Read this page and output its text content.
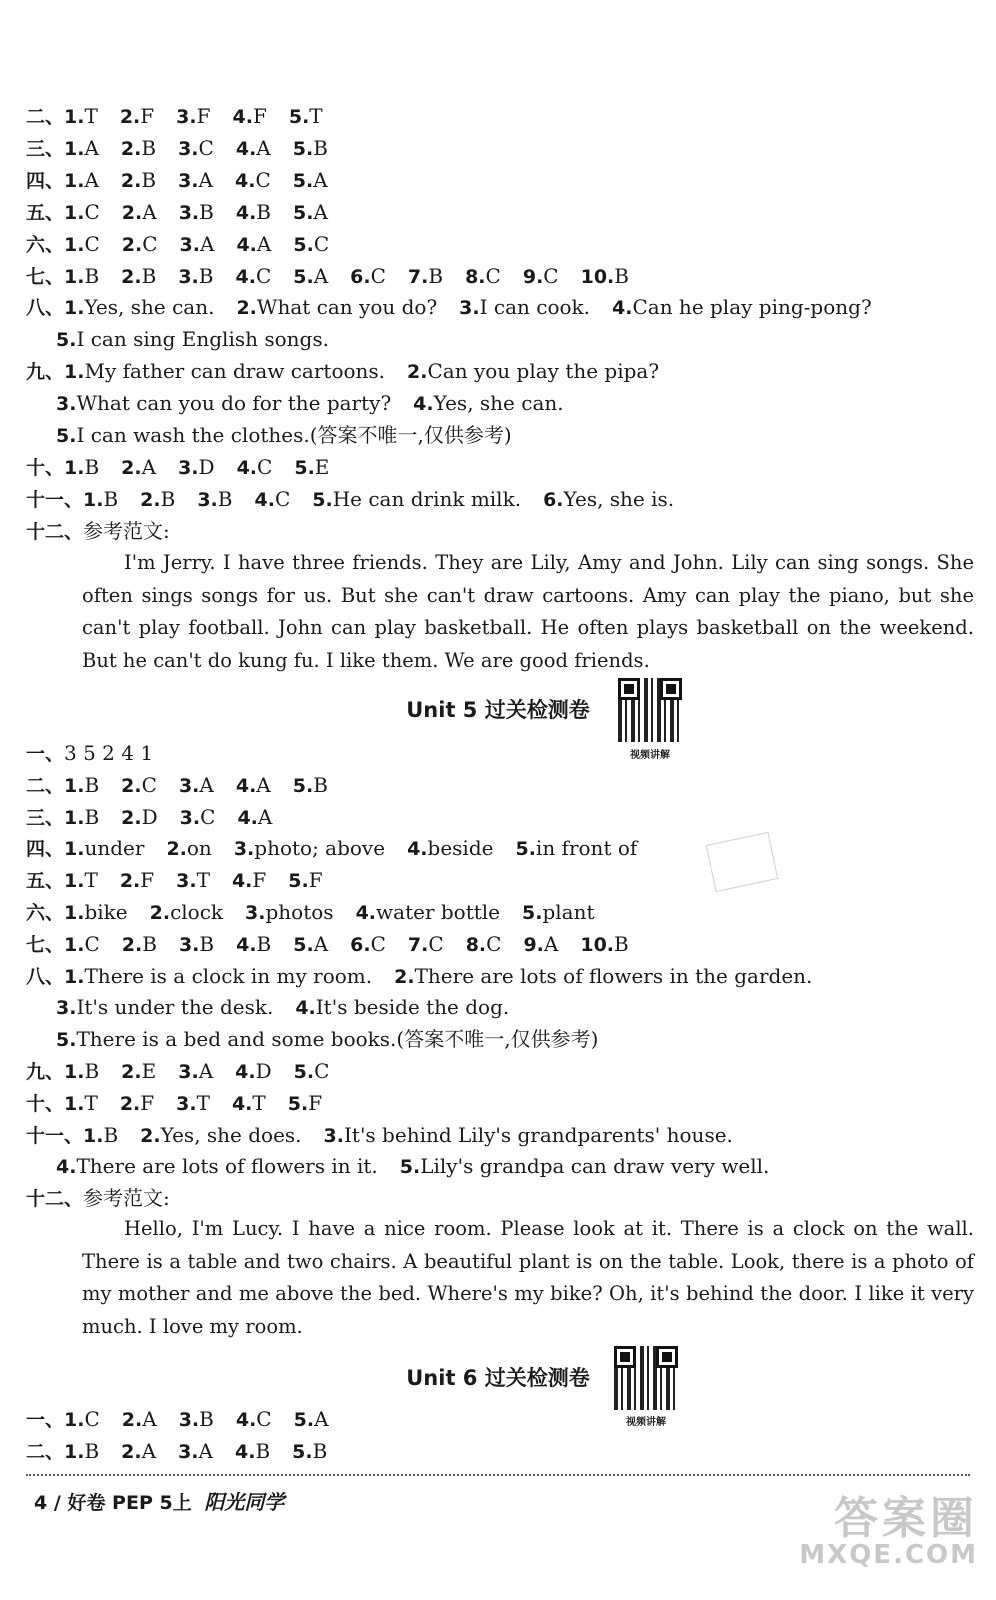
二、1.T 2.F 3.F 4.F 5.T
三、1.A 2.B 3.C 4.A 5.B
四、1.A 2.B 3.A 4.C 5.A
五、1.C 2.A 3.B 4.B 5.A
六、1.C 2.C 3.A 4.A 5.C
七、1.B 2.B 3.B 4.C 5.A 6.C 7.B 8.C 9.C 10.B
八、1.Yes, she can. 2.What can you do? 3.I can cook. 4.Can he play ping-pong?
5.I can sing English songs.
九、1.My father can draw cartoons. 2.Can you play the pipa?
3.What can you do for the party? 4.Yes, she can.
5.I can wash the clothes.(答案不唯一,仅供参考)
十、1.B 2.A 3.D 4.C 5.E
十一、1.B 2.B 3.B 4.C 5.He can drink milk. 6.Yes, she is.
十二、参考范文:
I'm Jerry. I have three friends. They are Lily, Amy and John. Lily can sing songs. She often sings songs for us. But she can't draw cartoons. Amy can play the piano, but she can't play football. John can play basketball. He often plays basketball on the weekend. But he can't do kung fu. I like them. We are good friends.
Unit 5 过关检测卷
视频讲解
一、3 5 2 4 1
二、1.B 2.C 3.A 4.A 5.B
三、1.B 2.D 3.C 4.A
四、1.under 2.on 3.photo; above 4.beside 5.in front of
五、1.T 2.F 3.T 4.F 5.F
六、1.bike 2.clock 3.photos 4.water bottle 5.plant
七、1.C 2.B 3.B 4.B 5.A 6.C 7.C 8.C 9.A 10.B
八、1.There is a clock in my room. 2.There are lots of flowers in the garden.
3.It's under the desk. 4.It's beside the dog.
5.There is a bed and some books.(答案不唯一,仅供参考)
九、1.B 2.E 3.A 4.D 5.C
十、1.T 2.F 3.T 4.T 5.F
十一、1.B 2.Yes, she does. 3.It's behind Lily's grandparents' house.
4.There are lots of flowers in it. 5.Lily's grandpa can draw very well.
十二、参考范文:
Hello, I'm Lucy. I have a nice room. Please look at it. There is a clock on the wall. There is a table and two chairs. A beautiful plant is on the table. Look, there is a photo of my mother and me above the bed. Where's my bike? Oh, it's behind the door. I like it very much. I love my room.
Unit 6 过关检测卷
视频讲解
一、1.C 2.A 3.B 4.C 5.A
二、1.B 2.A 3.A 4.B 5.B
4 / 好卷 PEP 5上 阳光同学	答案圈
MXQE.COM
